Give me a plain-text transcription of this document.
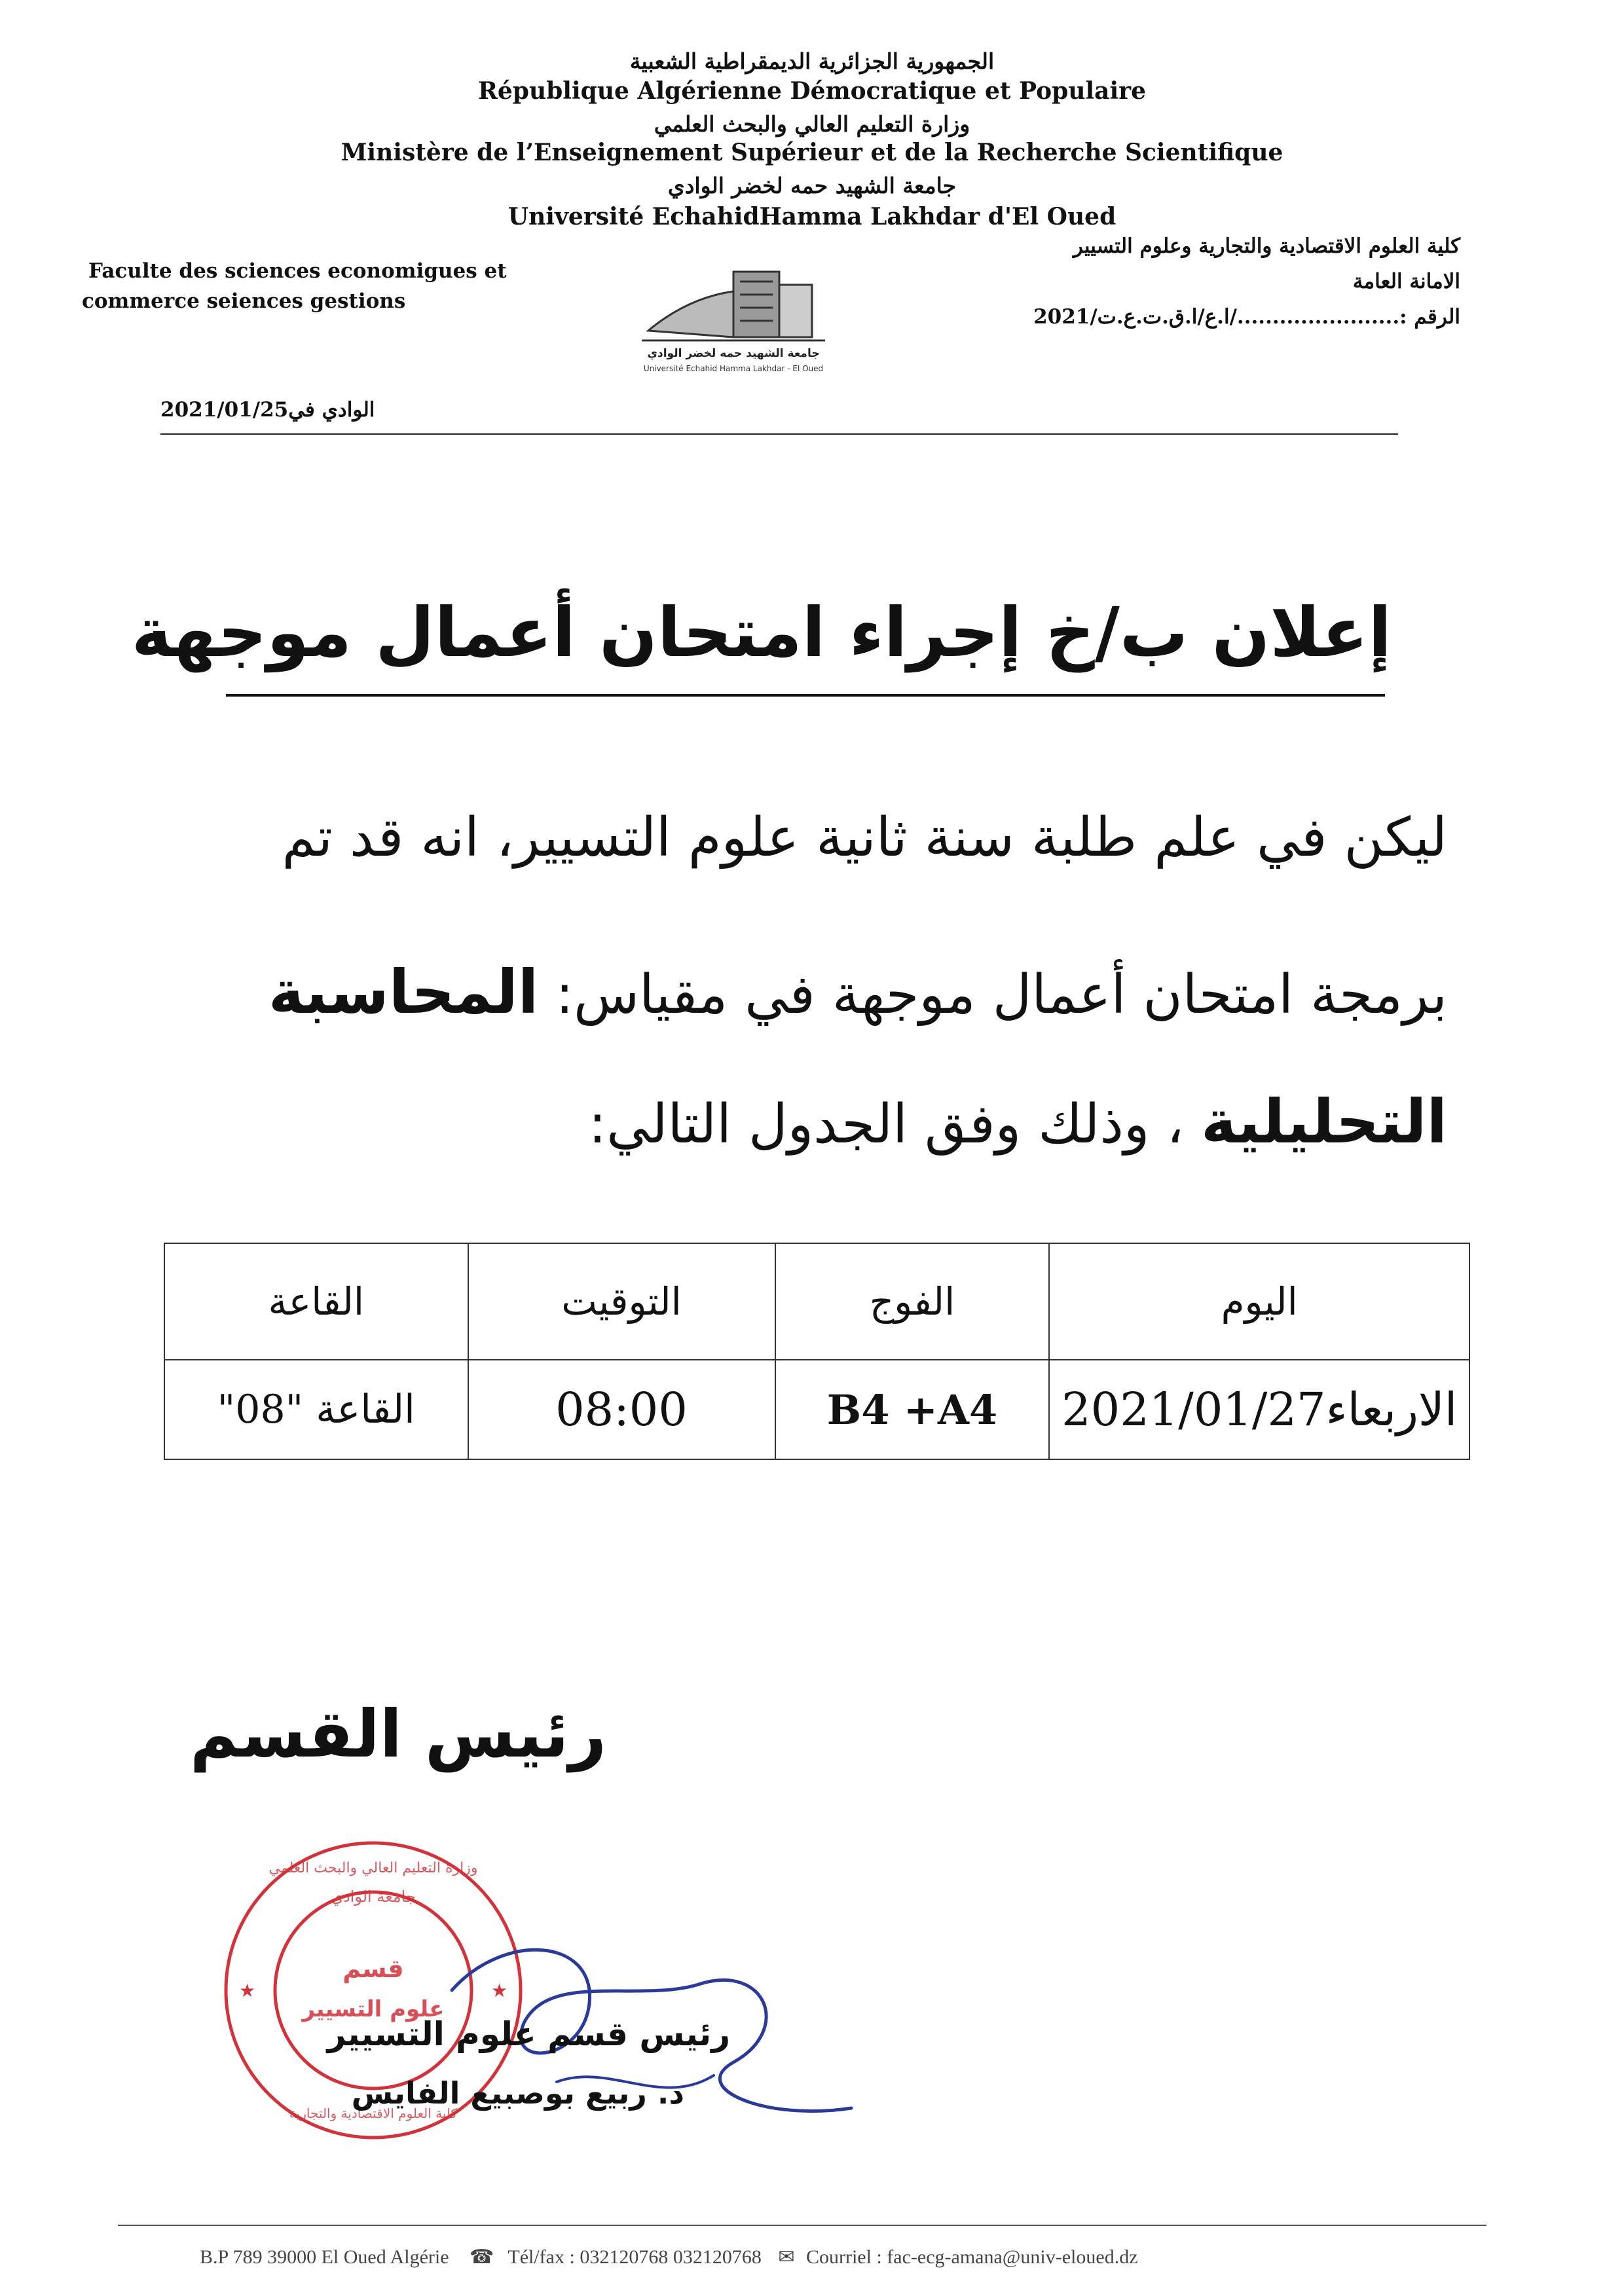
الجمهورية الجزائرية الديمقراطية الشعبية
République Algérienne Démocratique et Populaire
وزارة التعليم العالي والبحث العلمي
Ministère de l’Enseignement Supérieur et de la Recherche Scientifique
جامعة الشهيد حمه لخضر الوادي
Université EchahidHamma Lakhdar d'El Oued
كلية العلوم الاقتصادية والتجارية وعلوم التسيير
الامانة العامة
الرقم :......................./ا.ع/ا.ق.ت.ع.ت/2021
Faculte des sciences economigues et
commerce seiences gestions
جامعة الشهيد حمه لخضر الوادي
Université Echahid Hamma Lakhdar - El Oued
الوادي في2021/01/25
إعلان ب/خ إجراء امتحان أعمال موجهة
ليكن في علم طلبة سنة ثانية علوم التسيير، انه قد تم
برمجة امتحان أعمال موجهة في مقياس: المحاسبة
التحليلية ، وذلك وفق الجدول التالي:
اليوم	الفوج	التوقيت	القاعة
الاربعاء2021/01/27	B4 +A4	08:00	القاعة "08"
رئيس القسم
قسم
علوم التسيير
وزارة التعليم العالي والبحث العلمي
جامعة الوادي
كلية العلوم الاقتصادية والتجارية
★	★
رئيس قسم علوم التسيير
د. ربيع بوصبيع الفايس
B.P 789 39000 El Oued Algérie ☎ Tél/fax : 032120768 032120768 ✉ Courriel : fac-ecg-amana@univ-eloued.dz
